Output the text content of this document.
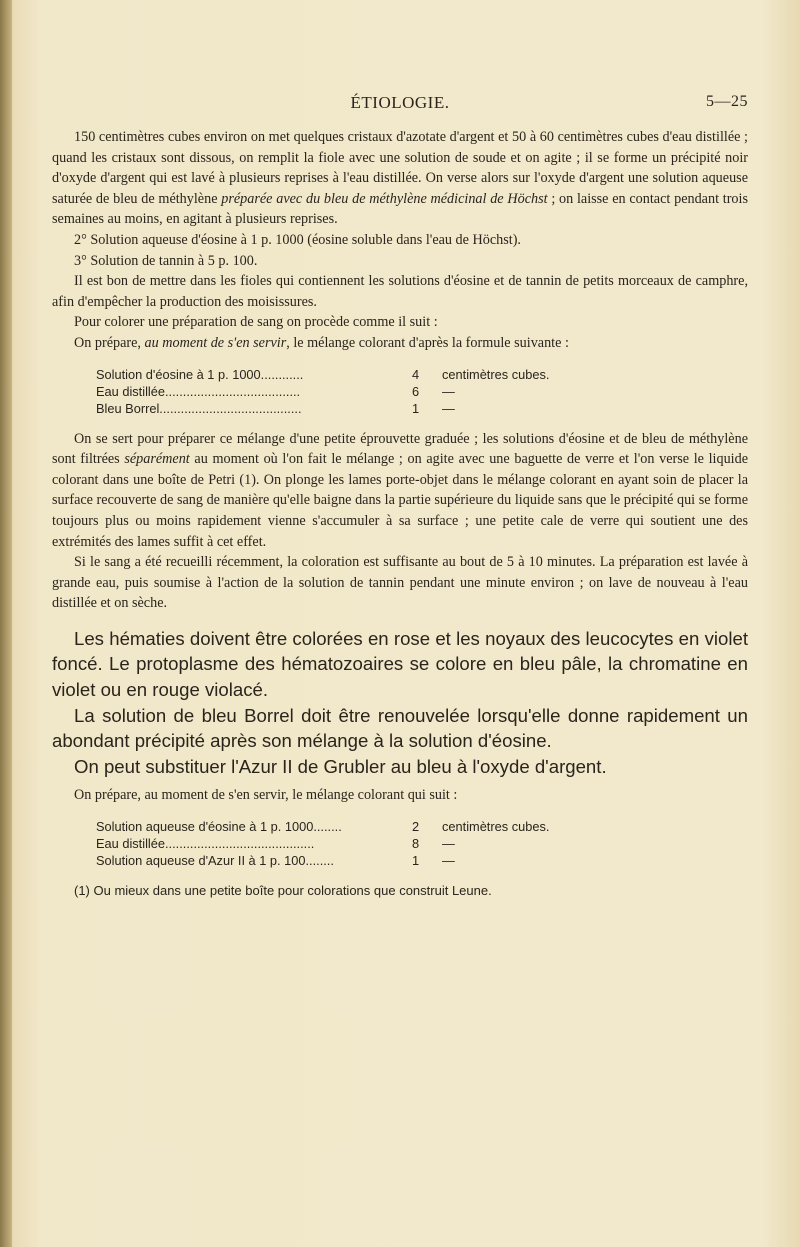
ÉTIOLOGIE.	5—25

150 centimètres cubes environ on met quelques cristaux d'azotate d'argent et 50 à 60 centimètres cubes d'eau distillée ; quand les cristaux sont dissous, on remplit la fiole avec une solution de soude et on agite ; il se forme un précipité noir d'oxyde d'argent qui est lavé à plusieurs reprises à l'eau distillée. On verse alors sur l'oxyde d'argent une solution aqueuse saturée de bleu de méthylène préparée avec du bleu de méthylène médicinal de Höchst ; on laisse en contact pendant trois semaines au moins, en agitant à plusieurs reprises.

2° Solution aqueuse d'éosine à 1 p. 1000 (éosine soluble dans l'eau de Höchst).

3° Solution de tannin à 5 p. 100.

Il est bon de mettre dans les fioles qui contiennent les solutions d'éosine et de tannin de petits morceaux de camphre, afin d'empêcher la production des moisissures.

Pour colorer une préparation de sang on procède comme il suit :

On prépare, au moment de s'en servir, le mélange colorant d'après la formule suivante :

Solution d'éosine à 1 p. 1000............	4	centimètres cubes.
Eau distillée......................................	6	—
Bleu Borrel........................................	1	—

On se sert pour préparer ce mélange d'une petite éprouvette graduée ; les solutions d'éosine et de bleu de méthylène sont filtrées séparément au moment où l'on fait le mélange ; on agite avec une baguette de verre et l'on verse le liquide colorant dans une boîte de Petri (1). On plonge les lames porte-objet dans le mélange colorant en ayant soin de placer la surface recouverte de sang de manière qu'elle baigne dans la partie supérieure du liquide sans que le précipité qui se forme toujours plus ou moins rapidement vienne s'accumuler à sa surface ; une petite cale de verre qui soutient une des extrémités des lames suffit à cet effet.

Si le sang a été recueilli récemment, la coloration est suffisante au bout de 5 à 10 minutes. La préparation est lavée à grande eau, puis soumise à l'action de la solution de tannin pendant une minute environ ; on lave de nouveau à l'eau distillée et on sèche.

Les hématies doivent être colorées en rose et les noyaux des leucocytes en violet foncé. Le protoplasme des hématozoaires se colore en bleu pâle, la chromatine en violet ou en rouge violacé.

La solution de bleu Borrel doit être renouvelée lorsqu'elle donne rapidement un abondant précipité après son mélange à la solution d'éosine.

On peut substituer l'Azur II de Grubler au bleu à l'oxyde d'argent.

On prépare, au moment de s'en servir, le mélange colorant qui suit :

Solution aqueuse d'éosine à 1 p. 1000........	2	centimètres cubes.
Eau distillée..........................................	8	—
Solution aqueuse d'Azur II à 1 p. 100........	1	—

(1) Ou mieux dans une petite boîte pour colorations que construit Leune.
